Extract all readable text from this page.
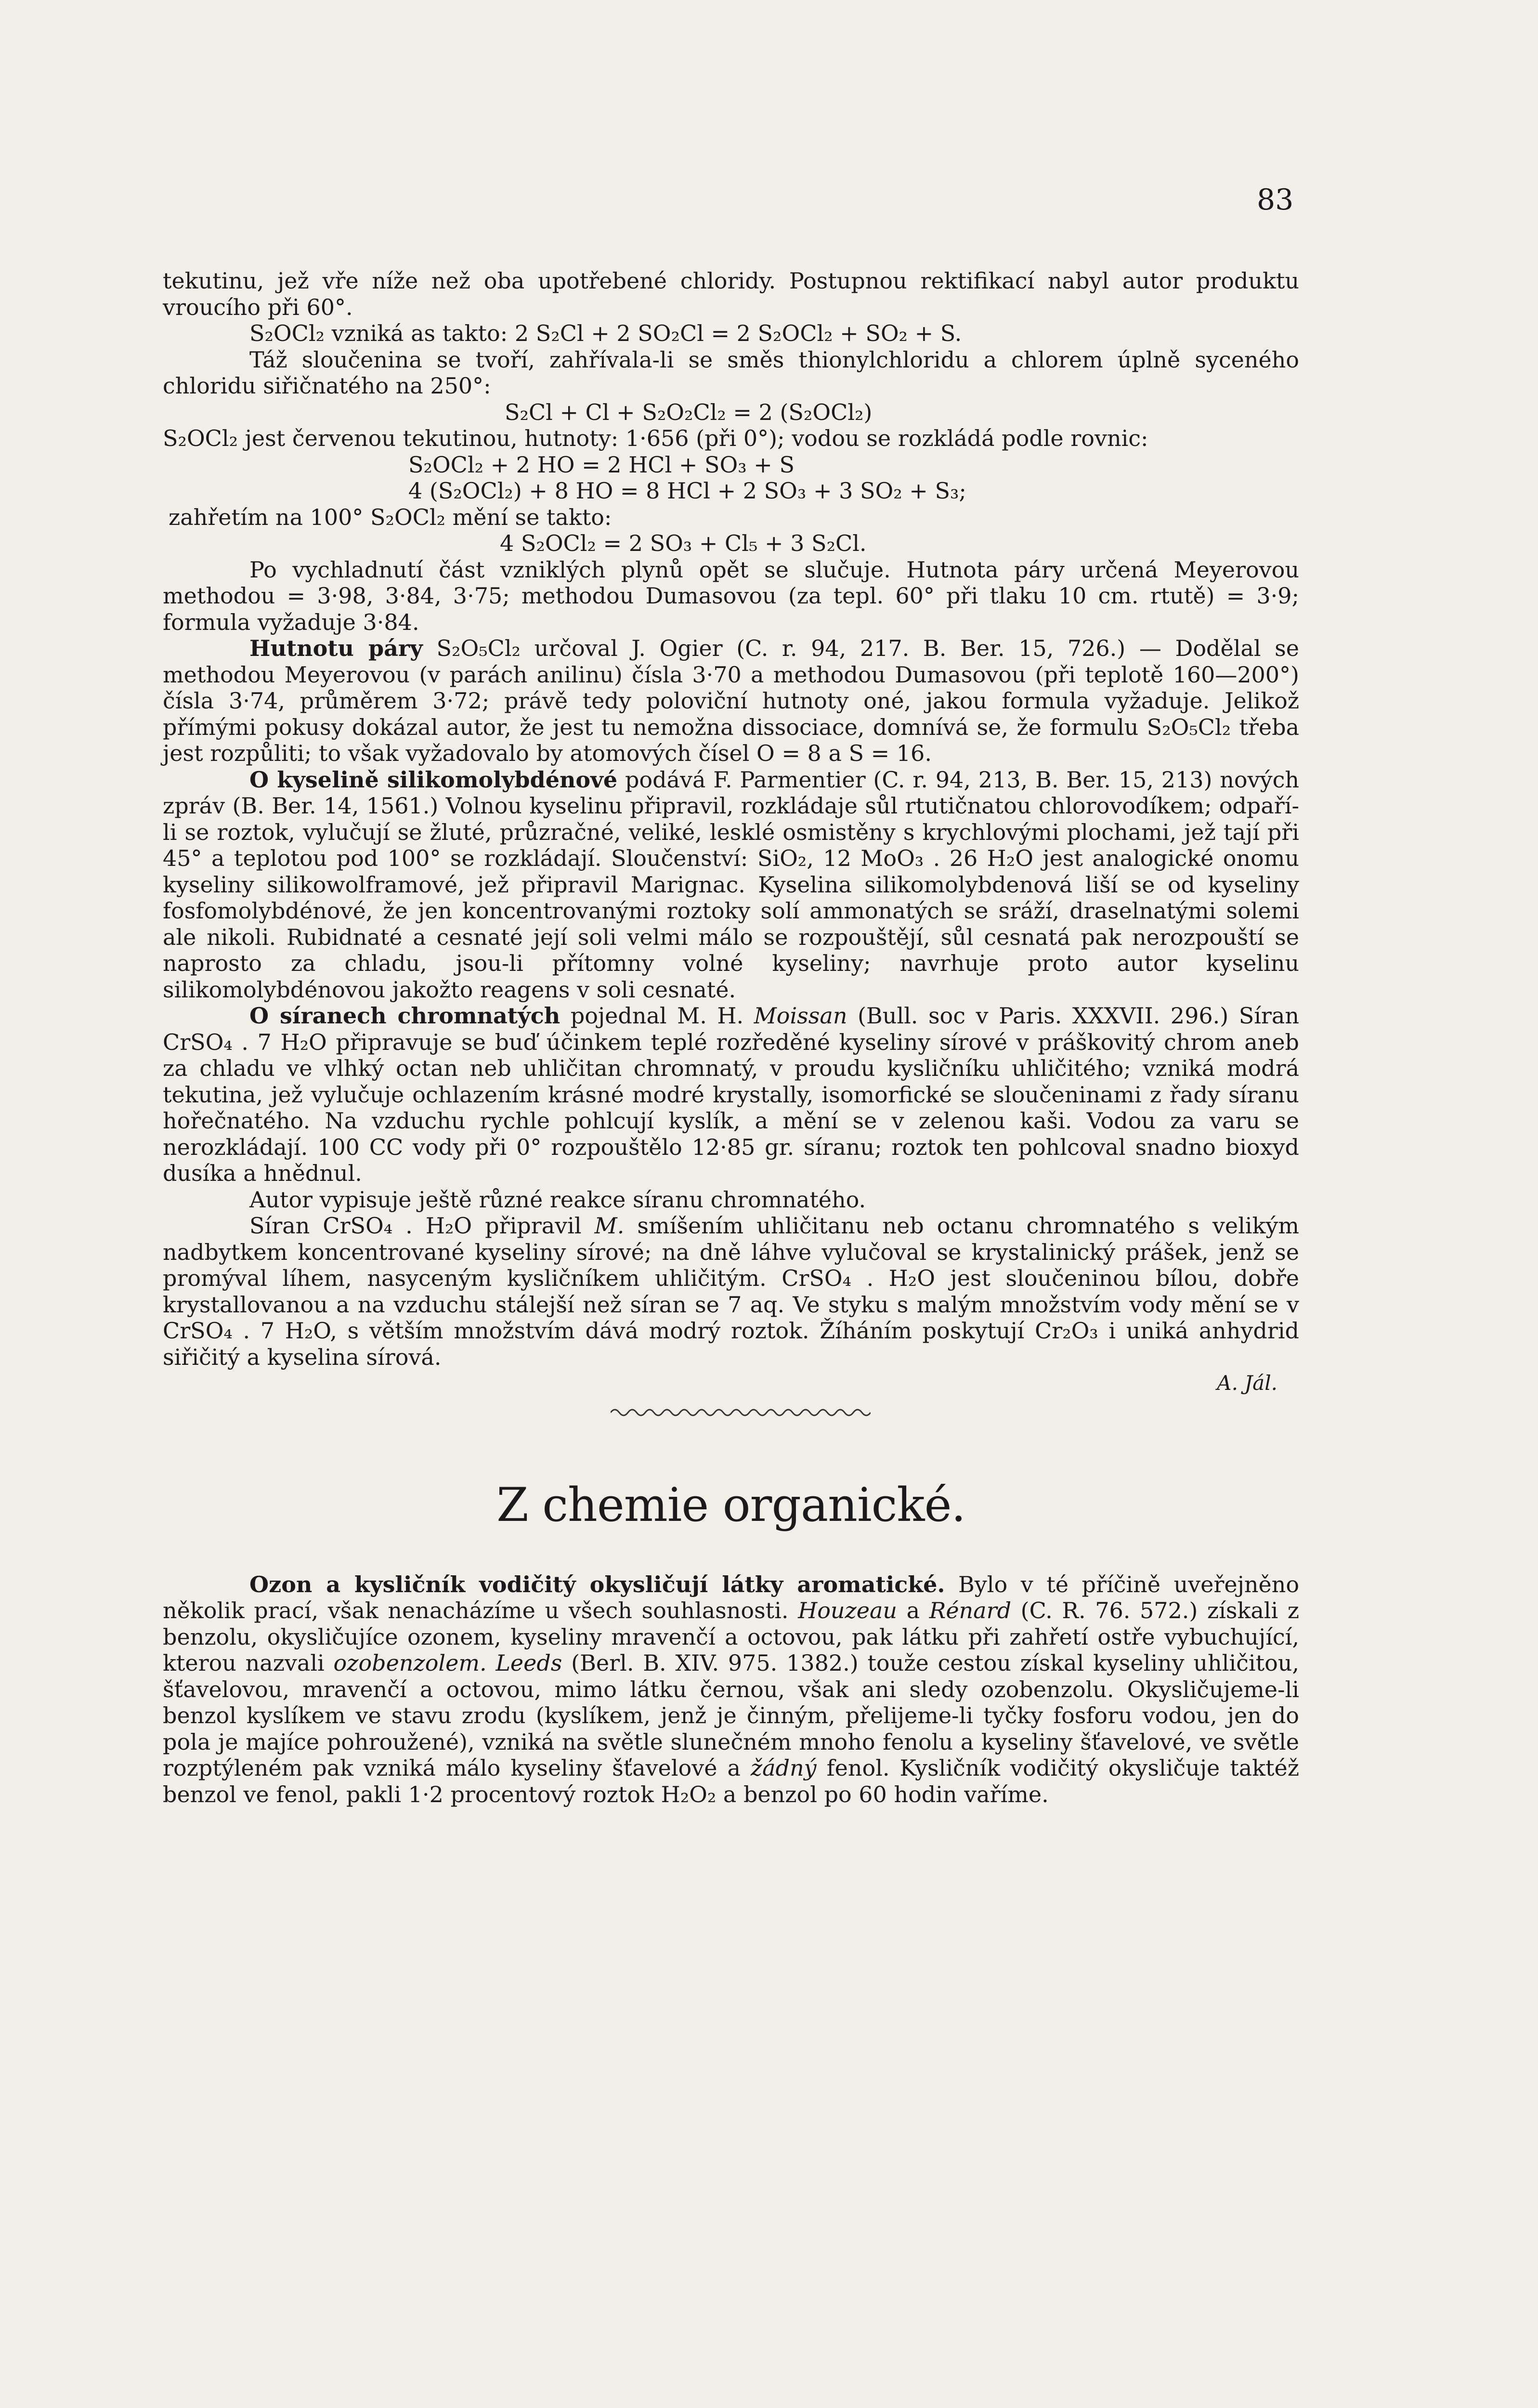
83

tekutinu, jež vře níže než oba upotřebené chloridy. Postupnou rektifikací nabyl autor produktu vroucího při 60°.

S₂OCl₂ vzniká as takto: 2 S₂Cl + 2 SO₂Cl = 2 S₂OCl₂ + SO₂ + S.

Táž sloučenina se tvoří, zahřívala-li se směs thionylchloridu a chlorem úplně syceného chloridu siřičnatého na 250°:

S₂Cl + Cl + S₂O₂Cl₂ = 2 (S₂OCl₂)

S₂OCl₂ jest červenou tekutinou, hutnoty: 1·656 (při 0°); vodou se rozkládá podle rovnic:

S₂OCl₂ + 2 HO = 2 HCl + SO₃ + S

4 (S₂OCl₂) + 8 HO = 8 HCl + 2 SO₃ + 3 SO₂ + S₃;

zahřetím na 100° S₂OCl₂ mění se takto:

4 S₂OCl₂ = 2 SO₃ + Cl₅ + 3 S₂Cl.

Po vychladnutí část vzniklých plynů opět se slučuje. Hutnota páry určená Meyerovou methodou = 3·98, 3·84, 3·75; methodou Dumasovou (za tepl. 60° při tlaku 10 cm. rtutě) = 3·9; formula vyžaduje 3·84.

Hutnotu páry S₂O₅Cl₂ určoval J. Ogier (C. r. 94, 217. B. Ber. 15, 726.) — Dodělal se methodou Meyerovou (v parách anilinu) čísla 3·70 a methodou Dumasovou (při teplotě 160—200°) čísla 3·74, průměrem 3·72; právě tedy poloviční hutnoty oné, jakou formula vyžaduje. Jelikož přímými pokusy dokázal autor, že jest tu nemožna dissociace, domnívá se, že formulu S₂O₅Cl₂ třeba jest rozpůliti; to však vyžadovalo by atomových čísel O = 8 a S = 16.

O kyselině silikomolybdénové podává F. Parmentier (C. r. 94, 213, B. Ber. 15, 213) nových zpráv (B. Ber. 14, 1561.) Volnou kyselinu připravil, rozkládaje sůl rtutičnatou chlorovodíkem; odpaří-li se roztok, vylučují se žluté, průzračné, veliké, lesklé osmistěny s krychlovými plochami, jež tají při 45° a teplotou pod 100° se rozkládají. Sloučenství: SiO₂, 12 MoO₃ . 26 H₂O jest analogické onomu kyseliny silikowolframové, jež připravil Marignac. Kyselina silikomolybdenová liší se od kyseliny fosfomolybdénové, že jen koncentrovanými roztoky solí ammonatých se sráží, draselnatými solemi ale nikoli. Rubidnaté a cesnaté její soli velmi málo se rozpouštějí, sůl cesnatá pak nerozpouští se naprosto za chladu, jsou-li přítomny volné kyseliny; navrhuje proto autor kyselinu silikomolybdénovou jakožto reagens v soli cesnaté.

O síranech chromnatých pojednal M. H. Moissan (Bull. soc v Paris. XXXVII. 296.) Síran CrSO₄ . 7 H₂O připravuje se buď účinkem teplé rozředěné kyseliny sírové v práškovitý chrom aneb za chladu ve vlhký octan neb uhličitan chromnatý, v proudu kysličníku uhličitého; vzniká modrá tekutina, jež vylučuje ochlazením krásné modré krystally, isomorfické se sloučeninami z řady síranu hořečnatého. Na vzduchu rychle pohlcují kyslík, a mění se v zelenou kaši. Vodou za varu se nerozkládají. 100 CC vody při 0° rozpouštělo 12·85 gr. síranu; roztok ten pohlcoval snadno bioxyd dusíka a hnědnul.

Autor vypisuje ještě různé reakce síranu chromnatého.

Síran CrSO₄ . H₂O připravil M. smíšením uhličitanu neb octanu chromnatého s velikým nadbytkem koncentrované kyseliny sírové; na dně láhve vylučoval se krystalinický prášek, jenž se promýval líhem, nasyceným kysličníkem uhličitým. CrSO₄ . H₂O jest sloučeninou bílou, dobře krystallovanou a na vzduchu stálejší než síran se 7 aq. Ve styku s malým množstvím vody mění se v CrSO₄ . 7 H₂O, s větším množstvím dává modrý roztok. Žíháním poskytují Cr₂O₃ i uniká anhydrid siřičitý a kyselina sírová.

A. Jál.

Z chemie organické.

Ozon a kysličník vodičitý okysličují látky aromatické. Bylo v té příčině uveřejněno několik prací, však nenacházíme u všech souhlasnosti. Houzeau a Rénard (C. R. 76. 572.) získali z benzolu, okysličujíce ozonem, kyseliny mravenčí a octovou, pak látku při zahřetí ostře vybuchující, kterou nazvali ozobenzolem. Leeds (Berl. B. XIV. 975. 1382.) touže cestou získal kyseliny uhličitou, šťavelovou, mravenčí a octovou, mimo látku černou, však ani sledy ozobenzolu. Okysličujeme-li benzol kyslíkem ve stavu zrodu (kyslíkem, jenž je činným, přelijeme-li tyčky fosforu vodou, jen do pola je majíce pohroužené), vzniká na světle slunečném mnoho fenolu a kyseliny šťavelové, ve světle rozptýleném pak vzniká málo kyseliny šťavelové a žádný fenol. Kysličník vodičitý okysličuje taktéž benzol ve fenol, pakli 1·2 procentový roztok H₂O₂ a benzol po 60 hodin vaříme.
